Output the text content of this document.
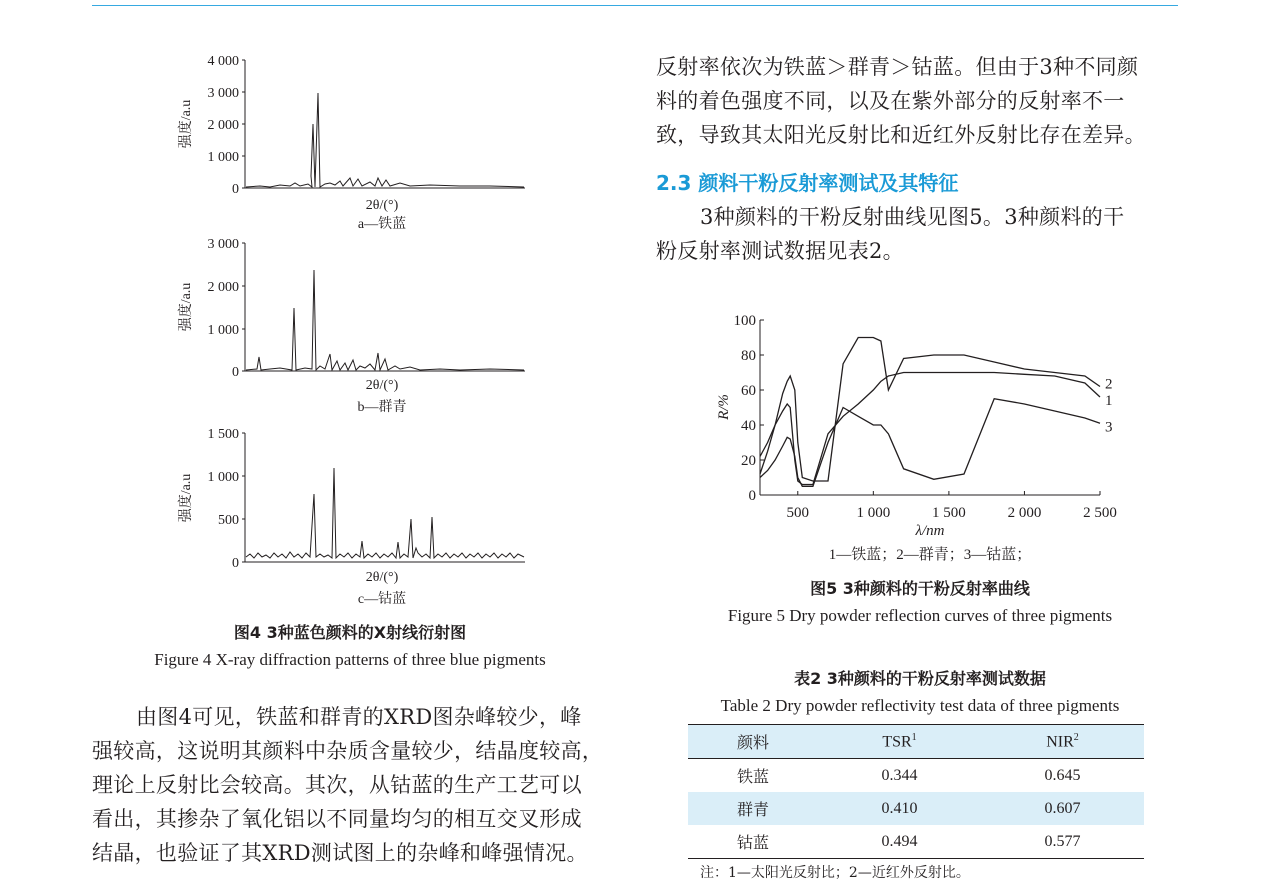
4 000
3 000
2 000
1 000
0
强度/a.u
2θ/(°)
a—铁蓝
3 000
2 000
1 000
0
强度/a.u
2θ/(°)
b—群青
1 500
1 000
500
0
强度/a.u
2θ/(°)
c—钴蓝
图4 3种蓝色颜料的X射线衍射图
Figure 4 X-ray diffraction patterns of three blue pigments
由图4可见，铁蓝和群青的XRD图杂峰较少，峰
强较高，这说明其颜料中杂质含量较少，结晶度较高，
理论上反射比会较高。其次，从钴蓝的生产工艺可以
看出，其掺杂了氧化铝以不同量均匀的相互交叉形成
结晶，也验证了其XRD测试图上的杂峰和峰强情况。
反射率依次为铁蓝＞群青＞钴蓝。但由于3种不同颜
料的着色强度不同，以及在紫外部分的反射率不一
致，导致其太阳光反射比和近红外反射比存在差异。
2.3 颜料干粉反射率测试及其特征
3种颜料的干粉反射曲线见图5。3种颜料的干
粉反射率测试数据见表2。
100
80
60
40
20
0
500	1 000	1 500	2 000	2 500
R/%
λ/nm
1
2
3
1—铁蓝；2—群青；3—钴蓝；
图5 3种颜料的干粉反射率曲线
Figure 5 Dry powder reflection curves of three pigments
表2 3种颜料的干粉反射率测试数据
Table 2 Dry powder reflectivity test data of three pigments
颜料	TSR$^1$	NIR$^2$
铁蓝	0.344	0.645
群青	0.410	0.607
钴蓝	0.494	0.577
注：1—太阳光反射比；2—近红外反射比。
